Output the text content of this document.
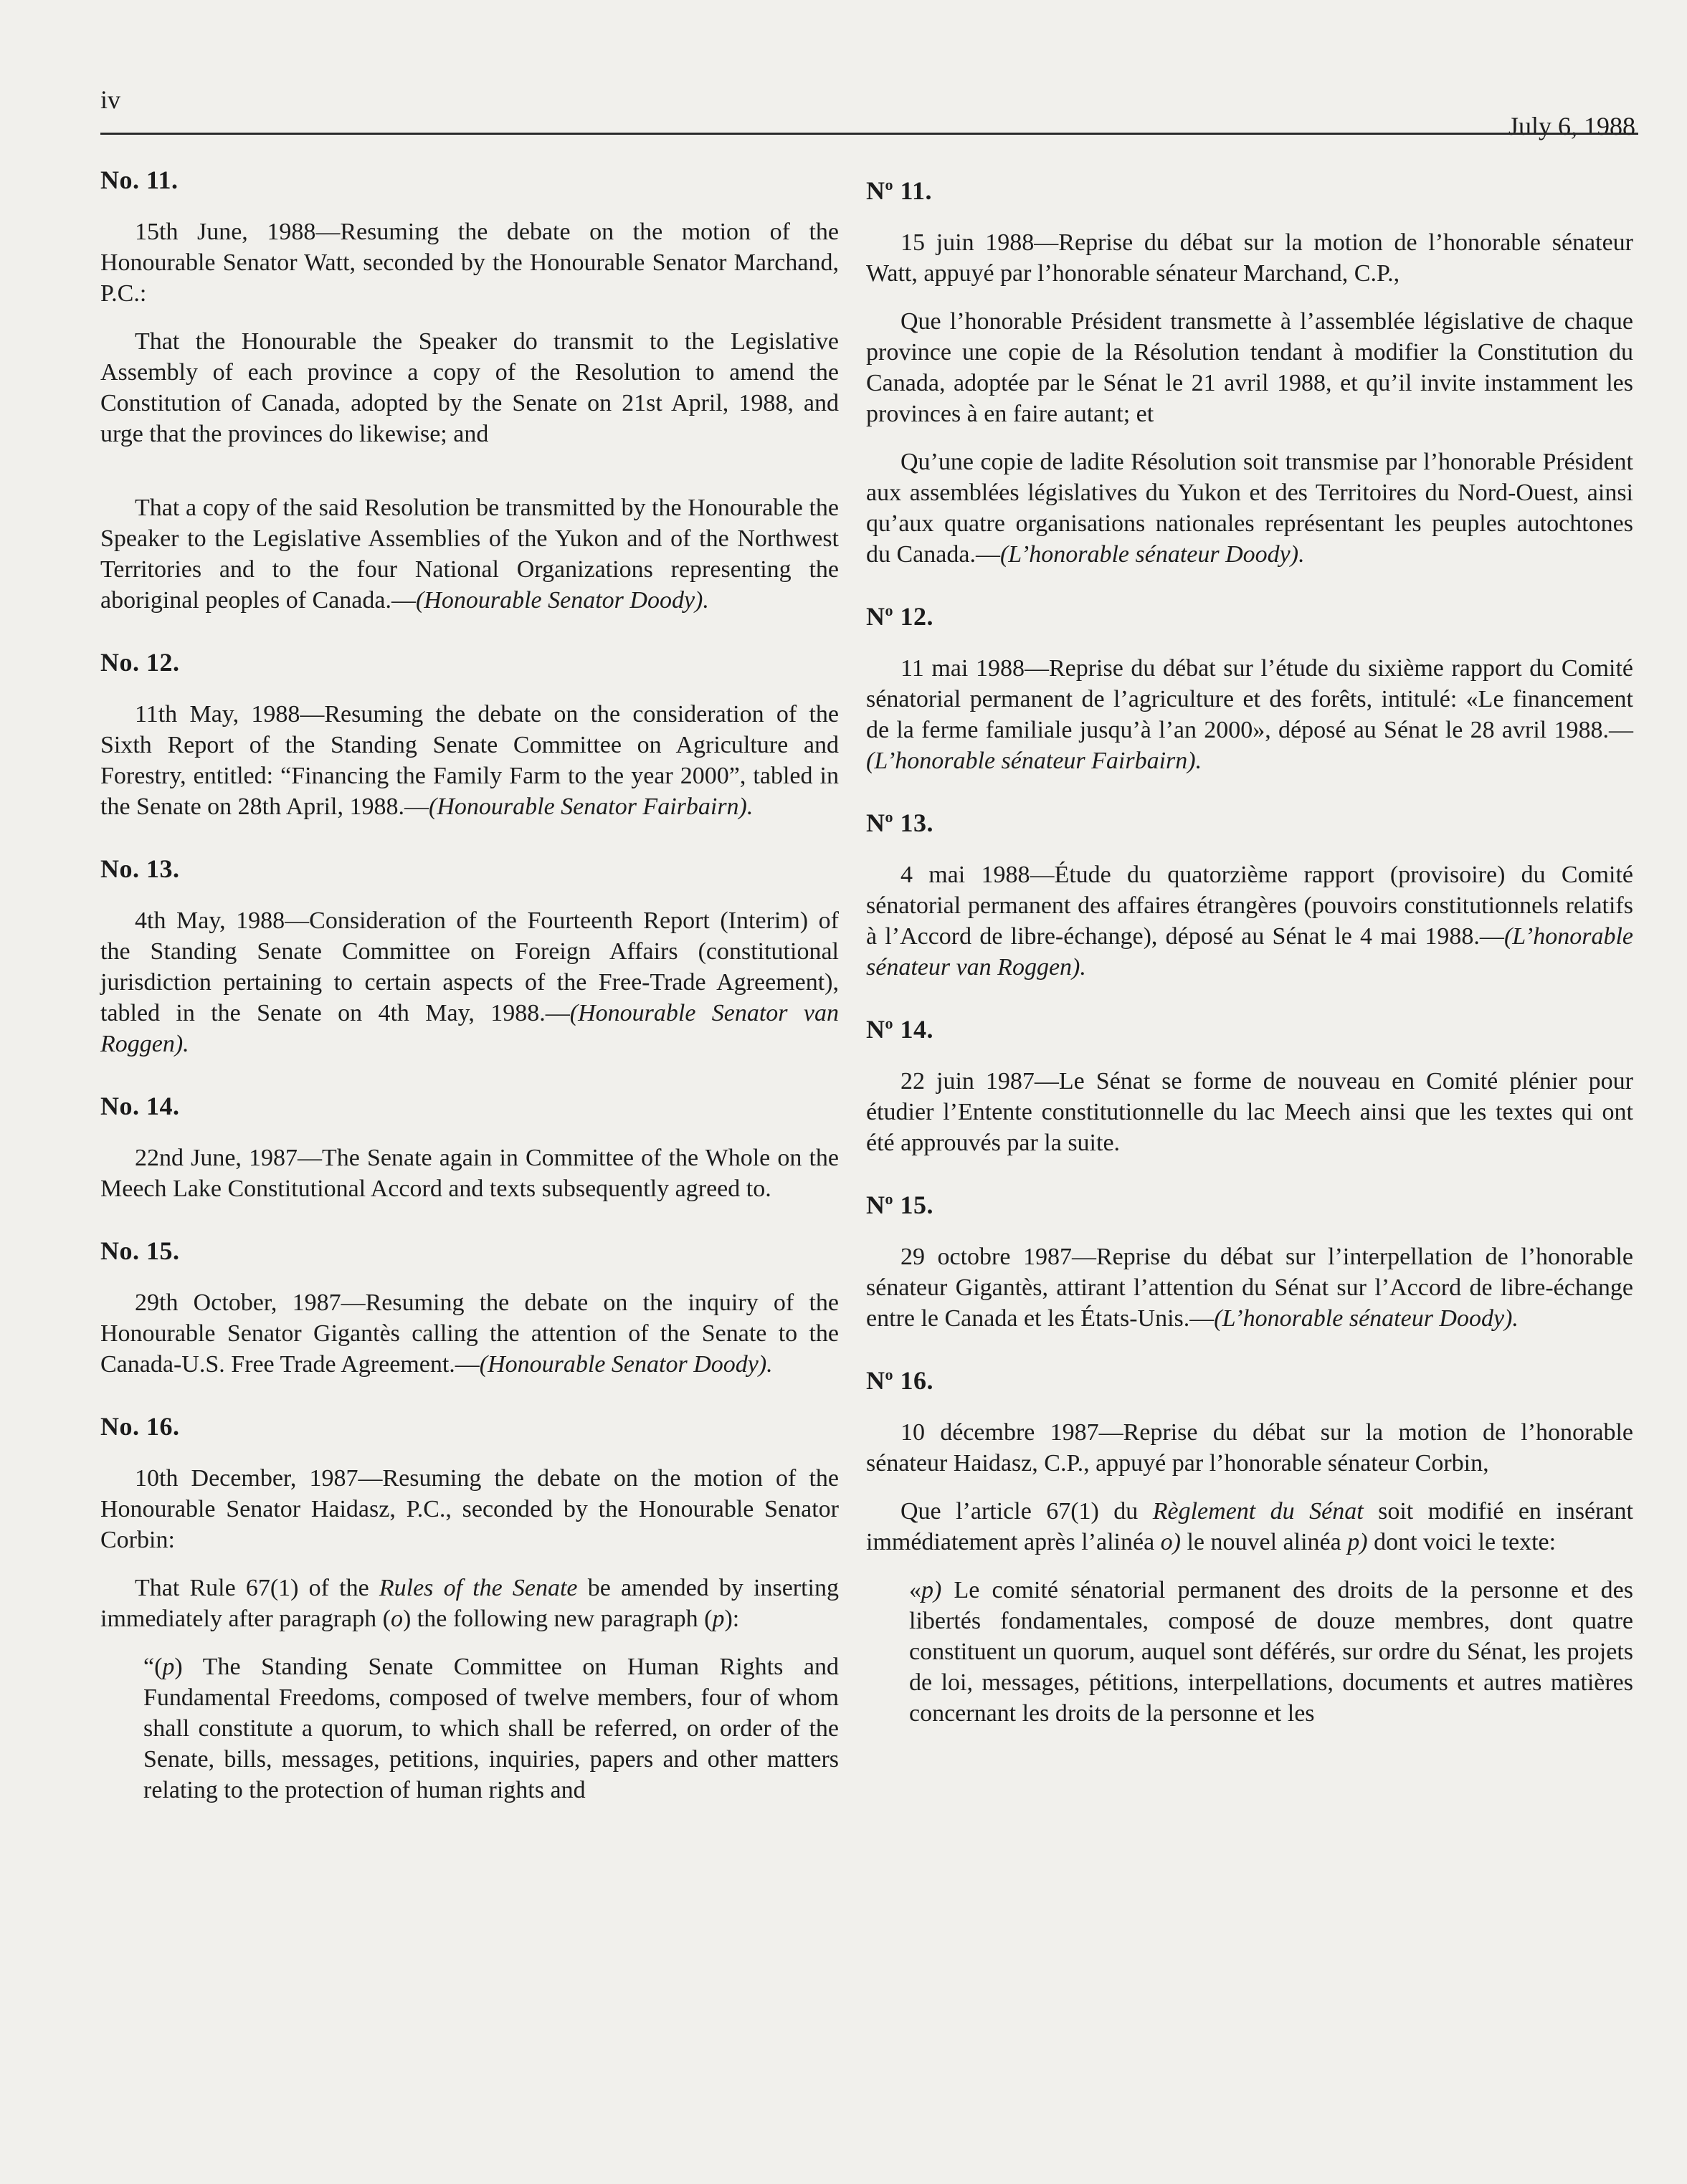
iv
July 6, 1988
No. 11.

15th June, 1988—Resuming the debate on the motion of the Honourable Senator Watt, seconded by the Honourable Senator Marchand, P.C.:

That the Honourable the Speaker do transmit to the Legislative Assembly of each province a copy of the Resolution to amend the Constitution of Canada, adopted by the Senate on 21st April, 1988, and urge that the provinces do likewise; and

That a copy of the said Resolution be transmitted by the Honourable the Speaker to the Legislative Assemblies of the Yukon and of the Northwest Territories and to the four National Organizations representing the aboriginal peoples of Canada.—(Honourable Senator Doody).

No. 12.

11th May, 1988—Resuming the debate on the consideration of the Sixth Report of the Standing Senate Committee on Agriculture and Forestry, entitled: “Financing the Family Farm to the year 2000”, tabled in the Senate on 28th April, 1988.—(Honourable Senator Fairbairn).

No. 13.

4th May, 1988—Consideration of the Fourteenth Report (Interim) of the Standing Senate Committee on Foreign Affairs (constitutional jurisdiction pertaining to certain aspects of the Free-Trade Agreement), tabled in the Senate on 4th May, 1988.—(Honourable Senator van Roggen).

No. 14.

22nd June, 1987—The Senate again in Committee of the Whole on the Meech Lake Constitutional Accord and texts subsequently agreed to.

No. 15.

29th October, 1987—Resuming the debate on the inquiry of the Honourable Senator Gigantès calling the attention of the Senate to the Canada-U.S. Free Trade Agreement.—(Honourable Senator Doody).

No. 16.

10th December, 1987—Resuming the debate on the motion of the Honourable Senator Haidasz, P.C., seconded by the Honourable Senator Corbin:

That Rule 67(1) of the Rules of the Senate be amended by inserting immediately after paragraph (o) the following new paragraph (p):

“(p) The Standing Senate Committee on Human Rights and Fundamental Freedoms, composed of twelve members, four of whom shall constitute a quorum, to which shall be referred, on order of the Senate, bills, messages, petitions, inquiries, papers and other matters relating to the protection of human rights and

$N^o$ 11.

15 juin 1988—Reprise du débat sur la motion de l’honorable sénateur Watt, appuyé par l’honorable sénateur Marchand, C.P.,

Que l’honorable Président transmette à l’assemblée législative de chaque province une copie de la Résolution tendant à modifier la Constitution du Canada, adoptée par le Sénat le 21 avril 1988, et qu’il invite instamment les provinces à en faire autant; et

Qu’une copie de ladite Résolution soit transmise par l’honorable Président aux assemblées législatives du Yukon et des Territoires du Nord-Ouest, ainsi qu’aux quatre organisations nationales représentant les peuples autochtones du Canada.—(L’honorable sénateur Doody).

$N^o$ 12.

11 mai 1988—Reprise du débat sur l’étude du sixième rapport du Comité sénatorial permanent de l’agriculture et des forêts, intitulé: «Le financement de la ferme familiale jusqu’à l’an 2000», déposé au Sénat le 28 avril 1988.—(L’honorable sénateur Fairbairn).

$N^o$ 13.

4 mai 1988—Étude du quatorzième rapport (provisoire) du Comité sénatorial permanent des affaires étrangères (pouvoirs constitutionnels relatifs à l’Accord de libre-échange), déposé au Sénat le 4 mai 1988.—(L’honorable sénateur van Roggen).

$N^o$ 14.

22 juin 1987—Le Sénat se forme de nouveau en Comité plénier pour étudier l’Entente constitutionnelle du lac Meech ainsi que les textes qui ont été approuvés par la suite.

$N^o$ 15.

29 octobre 1987—Reprise du débat sur l’interpellation de l’honorable sénateur Gigantès, attirant l’attention du Sénat sur l’Accord de libre-échange entre le Canada et les États-Unis.—(L’honorable sénateur Doody).

$N^o$ 16.

10 décembre 1987—Reprise du débat sur la motion de l’honorable sénateur Haidasz, C.P., appuyé par l’honorable sénateur Corbin,

Que l’article 67(1) du Règlement du Sénat soit modifié en insérant immédiatement après l’alinéa o) le nouvel alinéa p) dont voici le texte:

«p) Le comité sénatorial permanent des droits de la personne et des libertés fondamentales, composé de douze membres, dont quatre constituent un quorum, auquel sont déférés, sur ordre du Sénat, les projets de loi, messages, pétitions, interpellations, documents et autres matières concernant les droits de la personne et les
